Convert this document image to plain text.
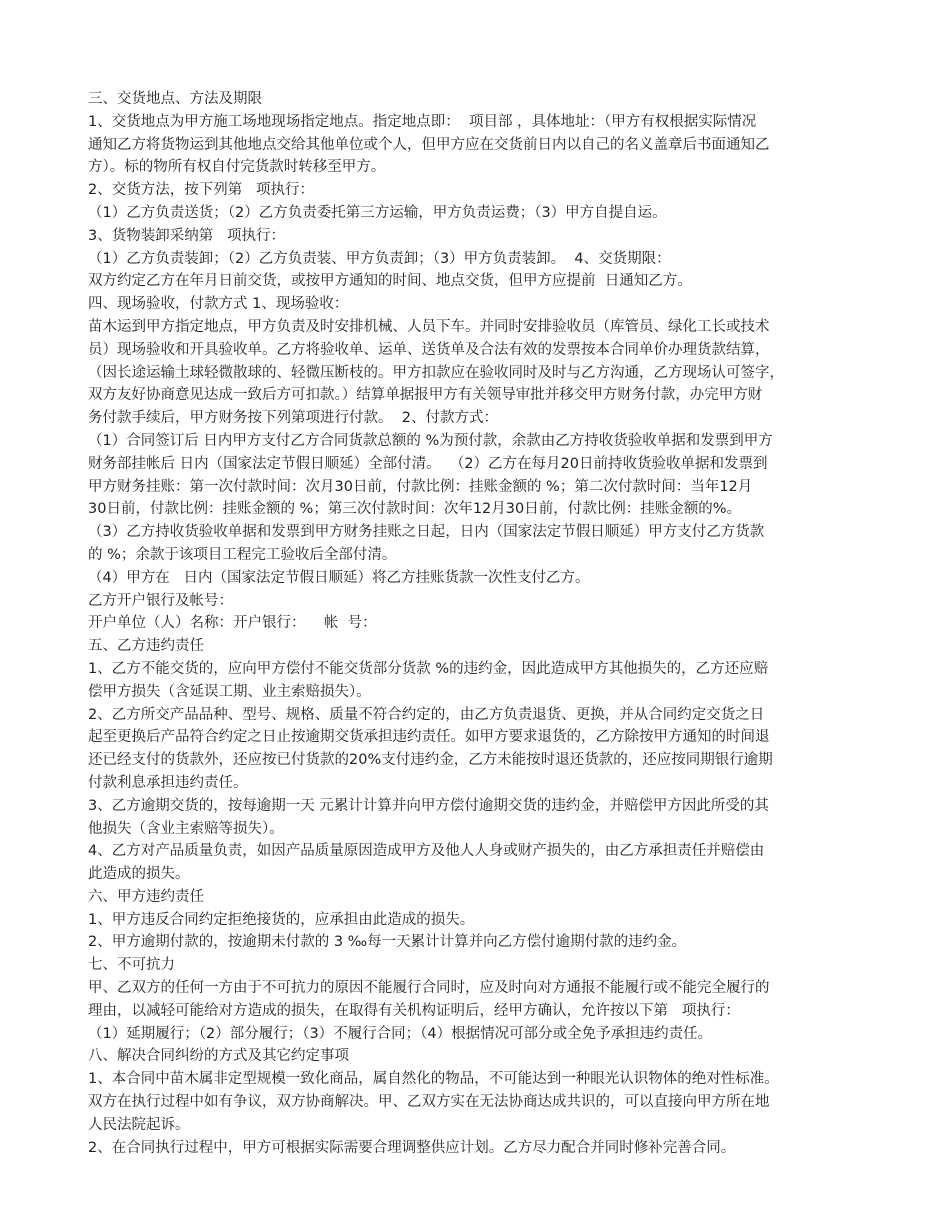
三、交货地点、方法及期限
1、交货地点为甲方施工场地现场指定地点。指定地点即：  项目部 ，具体地址：（甲方有权根据实际情况
通知乙方将货物运到其他地点交给其他单位或个人，但甲方应在交货前日内以自己的名义盖章后书面通知乙
方）。标的物所有权自付完货款时转移至甲方。
2、交货方法，按下列第   项执行：
（1）乙方负责送货；（2）乙方负责委托第三方运输，甲方负责运费；（3）甲方自提自运。
3、货物装卸采纳第   项执行：
（1）乙方负责装卸；（2）乙方负责装、甲方负责卸；（3）甲方负责装卸。  4、交货期限：
双方约定乙方在年月日前交货，或按甲方通知的时间、地点交货，但甲方应提前  日通知乙方。
四、现场验收，付款方式 1、现场验收：
苗木运到甲方指定地点，甲方负责及时安排机械、人员下车。并同时安排验收员（库管员、绿化工长或技术
员）现场验收和开具验收单。乙方将验收单、运单、送货单及合法有效的发票按本合同单价办理货款结算，
（因长途运输土球轻微散球的、轻微压断枝的。甲方扣款应在验收同时及时与乙方沟通，乙方现场认可签字，
双方友好协商意见达成一致后方可扣款。）结算单据报甲方有关领导审批并移交甲方财务付款，办完甲方财
务付款手续后，甲方财务按下列第项进行付款。  2、付款方式：
（1）合同签订后 日内甲方支付乙方合同货款总额的 %为预付款，余款由乙方持收货验收单据和发票到甲方
财务部挂帐后 日内（国家法定节假日顺延）全部付清。  （2）乙方在每月20日前持收货验收单据和发票到
甲方财务挂账：第一次付款时间：次月30日前，付款比例：挂账金额的 %；第二次付款时间：当年12月
30日前，付款比例：挂账金额的 %；第三次付款时间：次年12月30日前，付款比例：挂账金额的%。
（3）乙方持收货验收单据和发票到甲方财务挂账之日起，日内（国家法定节假日顺延）甲方支付乙方货款
的 %；余款于该项目工程完工验收后全部付清。
（4）甲方在   日内（国家法定节假日顺延）将乙方挂账货款一次性支付乙方。
乙方开户银行及帐号：
开户单位（人）名称：开户银行：    帐  号：
五、乙方违约责任
1、乙方不能交货的，应向甲方偿付不能交货部分货款 %的违约金，因此造成甲方其他损失的，乙方还应赔
偿甲方损失（含延误工期、业主索赔损失）。
2、乙方所交产品品种、型号、规格、质量不符合约定的，由乙方负责退货、更换，并从合同约定交货之日
起至更换后产品符合约定之日止按逾期交货承担违约责任。如甲方要求退货的，乙方除按甲方通知的时间退
还已经支付的货款外，还应按已付货款的20%支付违约金，乙方未能按时退还货款的，还应按同期银行逾期
付款利息承担违约责任。
3、乙方逾期交货的，按每逾期一天 元累计计算并向甲方偿付逾期交货的违约金，并赔偿甲方因此所受的其
他损失（含业主索赔等损失）。
4、乙方对产品质量负责，如因产品质量原因造成甲方及他人人身或财产损失的，由乙方承担责任并赔偿由
此造成的损失。
六、甲方违约责任
1、甲方违反合同约定拒绝接货的，应承担由此造成的损失。
2、甲方逾期付款的，按逾期未付款的 3 ‰每一天累计计算并向乙方偿付逾期付款的违约金。
七、不可抗力
甲、乙双方的任何一方由于不可抗力的原因不能履行合同时，应及时向对方通报不能履行或不能完全履行的
理由，以减轻可能给对方造成的损失，在取得有关机构证明后，经甲方确认，允许按以下第   项执行：
（1）延期履行；（2）部分履行；（3）不履行合同；（4）根据情况可部分或全免予承担违约责任。
八、解决合同纠纷的方式及其它约定事项
1、本合同中苗木属非定型规模一致化商品，属自然化的物品，不可能达到一种眼光认识物体的绝对性标准。
双方在执行过程中如有争议，双方协商解决。甲、乙双方实在无法协商达成共识的，可以直接向甲方所在地
人民法院起诉。
2、在合同执行过程中，甲方可根据实际需要合理调整供应计划。乙方尽力配合并同时修补完善合同。
